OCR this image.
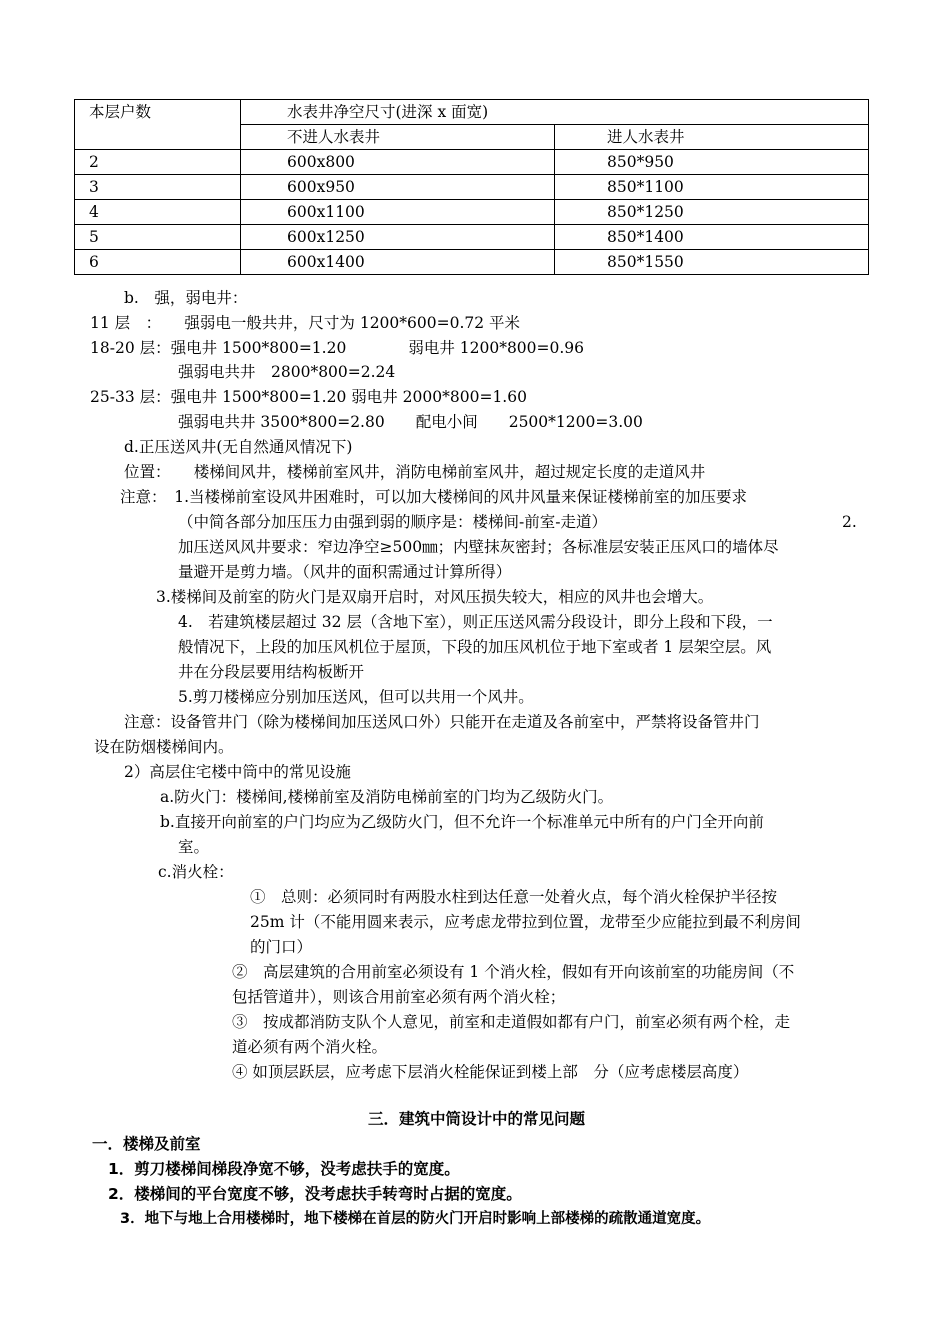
本层户数	水表井净空尺寸(进深 x 面宽)	
	不进人水表井	进人水表井
2	600x800	850*950
3	600x950	850*1100
4	600x1100	850*1250
5	600x1250	850*1400
6	600x1400	850*1550
b.　强，弱电井：
11 层　：　　强弱电一般共井，尺寸为 1200*600=0.72 平米
18-20 层：强电井 1500*800=1.20　　　　弱电井 1200*800=0.96
强弱电共井　2800*800=2.24
25-33 层：强电井 1500*800=1.20 弱电井 2000*800=1.60
强弱电共井 3500*800=2.80　　配电小间　　2500*1200=3.00
d.正压送风井(无自然通风情况下)
位置：　　楼梯间风井，楼梯前室风井，消防电梯前室风井，超过规定长度的走道风井
注意：　1.当楼梯前室设风井困难时，可以加大楼梯间的风井风量来保证楼梯前室的加压要求
（中简各部分加压压力由强到弱的顺序是：楼梯间-前室-走道）	2.
加压送风风井要求：窄边净空≥500㎜；内壁抹灰密封；各标准层安装正压风口的墙体尽
量避开是剪力墙。（风井的面积需通过计算所得）
3.楼梯间及前室的防火门是双扇开启时，对风压损失较大，相应的风井也会增大。
4.　若建筑楼层超过 32 层（含地下室），则正压送风需分段设计，即分上段和下段，一
般情况下，上段的加压风机位于屋顶，下段的加压风机位于地下室或者 1 层架空层。风
井在分段层要用结构板断开
5.剪刀楼梯应分别加压送风，但可以共用一个风井。
注意：设备管井门（除为楼梯间加压送风口外）只能开在走道及各前室中，严禁将设备管井门
设在防烟楼梯间内。
2）高层住宅楼中筒中的常见设施
a.防火门：楼梯间,楼梯前室及消防电梯前室的门均为乙级防火门。
b.直接开向前室的户门均应为乙级防火门，但不允许一个标准单元中所有的户门全开向前
室。
c.消火栓：
①　总则：必须同时有两股水柱到达任意一处着火点，每个消火栓保护半径按
25m 计（不能用圆来表示，应考虑龙带拉到位置，龙带至少应能拉到最不利房间
的门口）
②　高层建筑的合用前室必须设有 1 个消火栓，假如有开向该前室的功能房间（不
包括管道井），则该合用前室必须有两个消火栓；
③　按成都消防支队个人意见，前室和走道假如都有户门，前室必须有两个栓，走
道必须有两个消火栓。
④ 如顶层跃层，应考虑下层消火栓能保证到楼上部　分（应考虑楼层高度）
三．建筑中筒设计中的常见问题
一．楼梯及前室
1．剪刀楼梯间梯段净宽不够，没考虑扶手的宽度。
2．楼梯间的平台宽度不够，没考虑扶手转弯时占据的宽度。
3．地下与地上合用楼梯时，地下楼梯在首层的防火门开启时影响上部楼梯的疏散通道宽度。
